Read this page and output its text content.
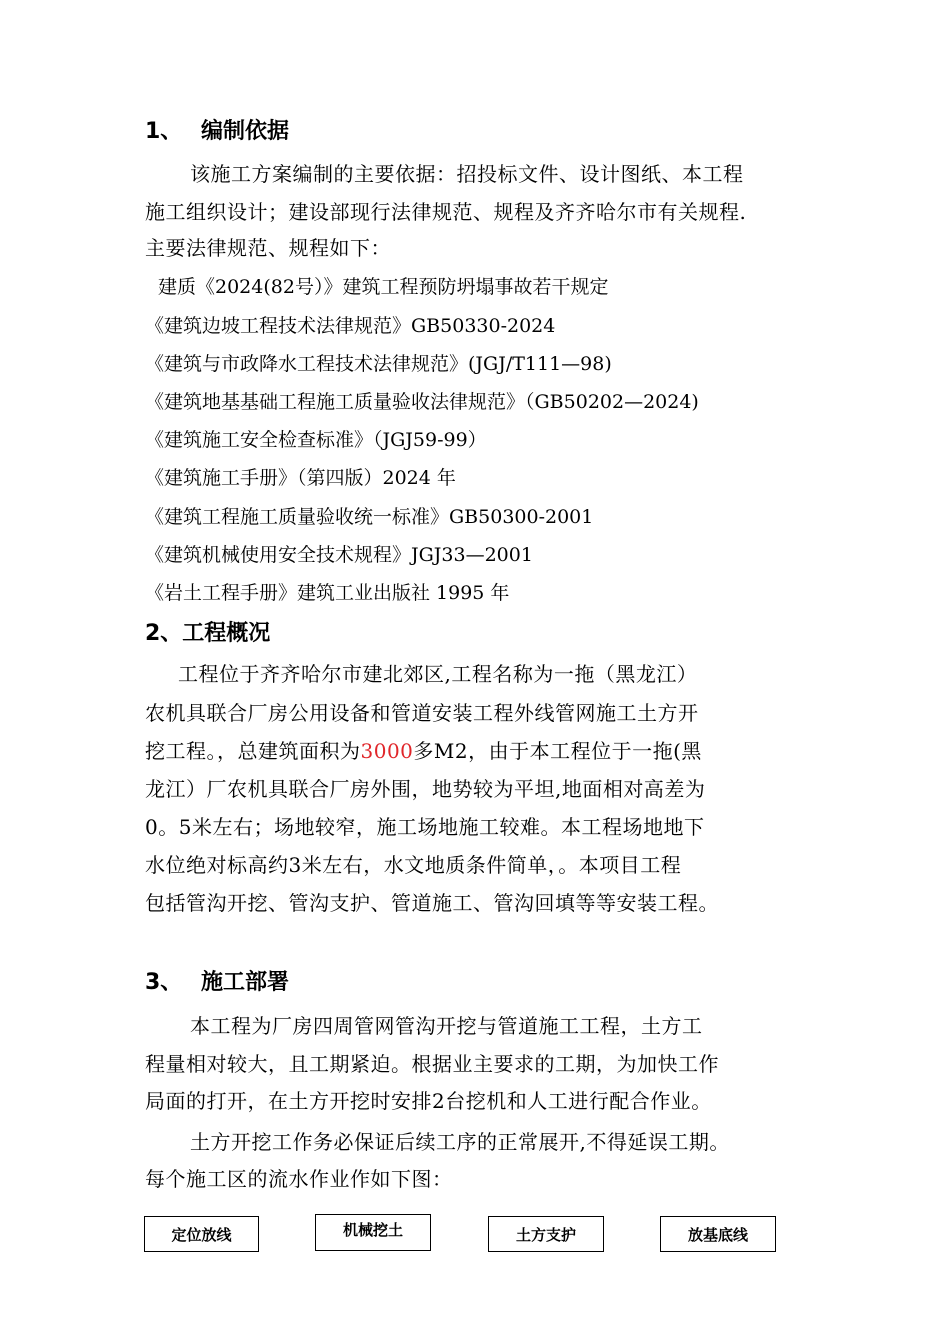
1、 编制依据
该施工方案编制的主要依据：招投标文件、设计图纸、本工程
施工组织设计；建设部现行法律规范、规程及齐齐哈尔市有关规程.
主要法律规范、规程如下：
建质《2024(82号）》建筑工程预防坍塌事故若干规定
《建筑边坡工程技术法律规范》GB50330-2024
《建筑与市政降水工程技术法律规范》(JGJ/T111—98)
《建筑地基基础工程施工质量验收法律规范》（GB50202—2024)
《建筑施工安全检查标准》（JGJ59-99）
《建筑施工手册》（第四版）2024 年
《建筑工程施工质量验收统一标准》GB50300-2001
《建筑机械使用安全技术规程》JGJ33—2001
《岩土工程手册》建筑工业出版社 1995 年
2、工程概况
工程位于齐齐哈尔市建北郊区,工程名称为一拖（黑龙江）
农机具联合厂房公用设备和管道安装工程外线管网施工土方开
挖工程。，总建筑面积为3000多M2，由于本工程位于一拖(黑
龙江）厂农机具联合厂房外围，地势较为平坦,地面相对高差为
0。5米左右；场地较窄，施工场地施工较难。本工程场地地下
水位绝对标高约3米左右，水文地质条件简单，。本项目工程
包括管沟开挖、管沟支护、管道施工、管沟回填等等安装工程。
3、 施工部署
本工程为厂房四周管网管沟开挖与管道施工工程，土方工
程量相对较大，且工期紧迫。根据业主要求的工期，为加快工作
局面的打开，在土方开挖时安排2台挖机和人工进行配合作业。
土方开挖工作务必保证后续工序的正常展开,不得延误工期。
每个施工区的流水作业作如下图：
定位放线	机械挖土	土方支护	放基底线
